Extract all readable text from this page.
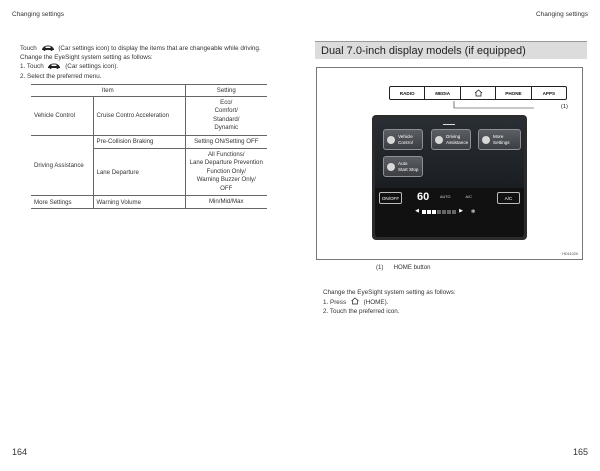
Changing settings	Changing settings
Touch	(Car settings icon) to display the items that are changeable while driving.
Change the EyeSight system setting as follows:
1. Touch	(Car settings icon).
2. Select the preferred menu.
Item		Setting
Vehicle Control	Cruise Contro Acceleration	Eco/
Comfort/
Standard/
Dynamic

Driving Assistance	Pre-Collision Braking	Setting ON/Setting OFF

	Lane Departure	All Functions/
Lane Departure Prevention
Function Only/
Warning Buzzer Only/
OFF

More Settings	Warning Volume	Min/Mid/Max
164
Dual 7.0-inch display models (if equipped)
RADIO	MEDIA	PHONE	APPS
(1)
Vehicle
Control
Driving
Assistance
More Settings
Auto
Start Stop
ON/OFF 60	AUTO	A/C	A/C
◀	▶	✻
HD11020
(1)      HOME button
Change the EyeSight system setting as follows:
1. Press	(HOME).
2. Touch the preferred icon.
165
